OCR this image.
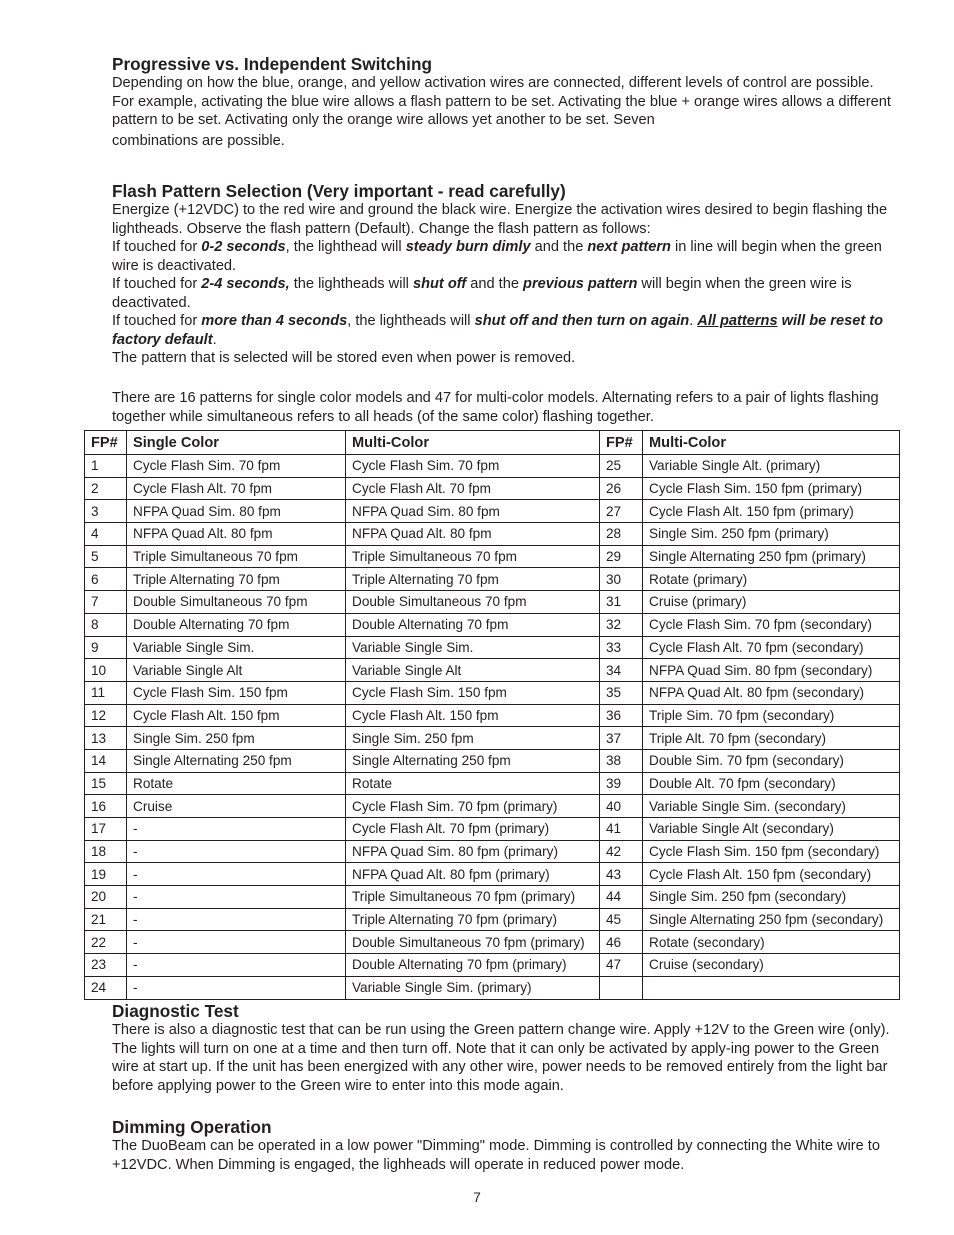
Progressive vs. Independent Switching

Depending on how the blue, orange, and yellow activation wires are connected, different levels of control are possible. For example, activating the blue wire allows a flash pattern to be set. Activating the blue + orange wires allows a different pattern to be set. Activating only the orange wire allows yet another to be set. Seven
combinations are possible.

Flash Pattern Selection (Very important - read carefully)

Energize (+12VDC) to the red wire and ground the black wire. Energize the activation wires desired to begin flashing the lightheads. Observe the flash pattern (Default). Change the flash pattern as follows:

If touched for 0-2 seconds, the lighthead will steady burn dimly and the next pattern in line will begin when the green wire is deactivated.

If touched for 2-4 seconds, the lightheads will shut off and the previous pattern will begin when the green wire is deactivated.

If touched for more than 4 seconds, the lightheads will shut off and then turn on again. All patterns will be reset to factory default.

The pattern that is selected will be stored even when power is removed.

There are 16 patterns for single color models and 47 for multi-color models. Alternating refers to a pair of lights flashing together while simultaneous refers to all heads (of the same color) flashing together.

FP#	Single Color	Multi-Color	FP#	Multi-Color
1	Cycle Flash Sim. 70 fpm	Cycle Flash Sim. 70 fpm	25	Variable Single Alt. (primary)
2	Cycle Flash Alt. 70 fpm	Cycle Flash Alt. 70 fpm	26	Cycle Flash Sim. 150 fpm (primary)
3	NFPA Quad Sim. 80 fpm	NFPA Quad Sim. 80 fpm	27	Cycle Flash Alt. 150 fpm (primary)
4	NFPA Quad Alt. 80 fpm	NFPA Quad Alt. 80 fpm	28	Single Sim. 250 fpm (primary)
5	Triple Simultaneous 70 fpm	Triple Simultaneous 70 fpm	29	Single Alternating 250 fpm (primary)
6	Triple Alternating 70 fpm	Triple Alternating 70 fpm	30	Rotate (primary)
7	Double Simultaneous 70 fpm	Double Simultaneous 70 fpm	31	Cruise (primary)
8	Double Alternating 70 fpm	Double Alternating 70 fpm	32	Cycle Flash Sim. 70 fpm (secondary)
9	Variable Single Sim.	Variable Single Sim.	33	Cycle Flash Alt. 70 fpm (secondary)
10	Variable Single Alt	Variable Single Alt	34	NFPA Quad Sim. 80 fpm (secondary)
11	Cycle Flash Sim. 150 fpm	Cycle Flash Sim. 150 fpm	35	NFPA Quad Alt. 80 fpm (secondary)
12	Cycle Flash Alt. 150 fpm	Cycle Flash Alt. 150 fpm	36	Triple Sim. 70 fpm (secondary)
13	Single Sim. 250 fpm	Single Sim. 250 fpm	37	Triple Alt. 70 fpm (secondary)
14	Single Alternating 250 fpm	Single Alternating 250 fpm	38	Double Sim. 70 fpm (secondary)
15	Rotate	Rotate	39	Double Alt. 70 fpm (secondary)
16	Cruise	Cycle Flash Sim. 70 fpm (primary)	40	Variable Single Sim. (secondary)
17	-	Cycle Flash Alt. 70 fpm (primary)	41	Variable Single Alt (secondary)
18	-	NFPA Quad Sim. 80 fpm (primary)	42	Cycle Flash Sim. 150 fpm (secondary)
19	-	NFPA Quad Alt. 80 fpm (primary)	43	Cycle Flash Alt. 150 fpm (secondary)
20	-	Triple Simultaneous 70 fpm (primary)	44	Single Sim. 250 fpm (secondary)
21	-	Triple Alternating 70 fpm (primary)	45	Single Alternating 250 fpm (secondary)
22	-	Double Simultaneous 70 fpm (primary)	46	Rotate (secondary)
23	-	Double Alternating 70 fpm (primary)	47	Cruise (secondary)
24	-	Variable Single Sim. (primary)		
Diagnostic Test

There is also a diagnostic test that can be run using the Green pattern change wire. Apply +12V to the Green wire (only). The lights will turn on one at a time and then turn off. Note that it can only be activated by apply-ing power to the Green wire at start up. If the unit has been energized with any other wire, power needs to be removed entirely from the light bar before applying power to the Green wire to enter into this mode again.

Dimming Operation

The DuoBeam can be operated in a low power "Dimming" mode. Dimming is controlled by connecting the White wire to +12VDC. When Dimming is engaged, the lighheads will operate in reduced power mode.

7
